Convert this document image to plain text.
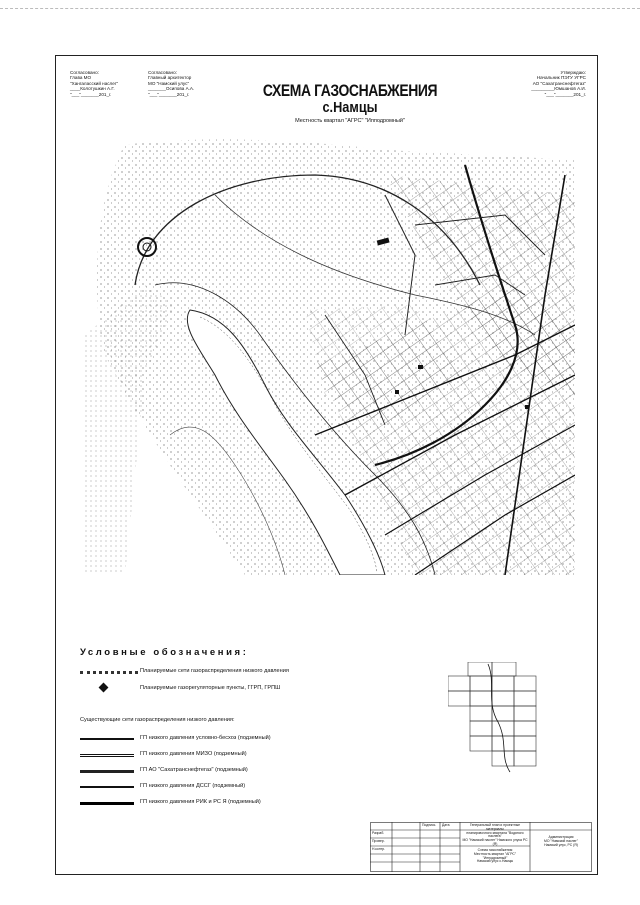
Согласовано:
Глава МО
"Хангаласский наслег"
____Колотушкин А.Г.
"___"_______201_г.
Согласовано:
Главный архитектор
МО "Намский улус"
_______Осипова А.А.
"___"_______201_г.
Утверждаю:
Начальник ПЭГУ УГРС
АО "Сахатранснефтегаз"
_________Юмшанов А.И.
"___"_______201_г.
СХЕМА ГАЗОСНАБЖЕНИЯ
с.Намцы
Местность квартал "АГРС" "Ипподромный"
Условные обозначения:
Планируемые сети газораспределения низкого давления
Планируемые газорегуляторные пункты, ГГРП, ГРПШ
Существующие сети газораспределения низкого давления:
ГП низкого давления условно-бесхоз (подземный)
ГП низкого давления МИЗО (подземный)
ГП АО "Сахатранснефтегаз" (подземный)
ГП низкого давления ДССГ (подземный)
ГП низкого давления РИК и РС Я (подземный)
Подпись Дата
Разраб.
Провер.
Н.контр.
Генеральный план и проектные материалы
планировочного квартала "Водяного наслега"
МО "Намский наслег" Намского улуса РС (Я)
Схема газоснабжения
Местность квартал "АГРС"
"Ипподромный"
Намский улус с.Намцы
Администрация
МО "Намский наслег"
Намский улус, РС (Я)
